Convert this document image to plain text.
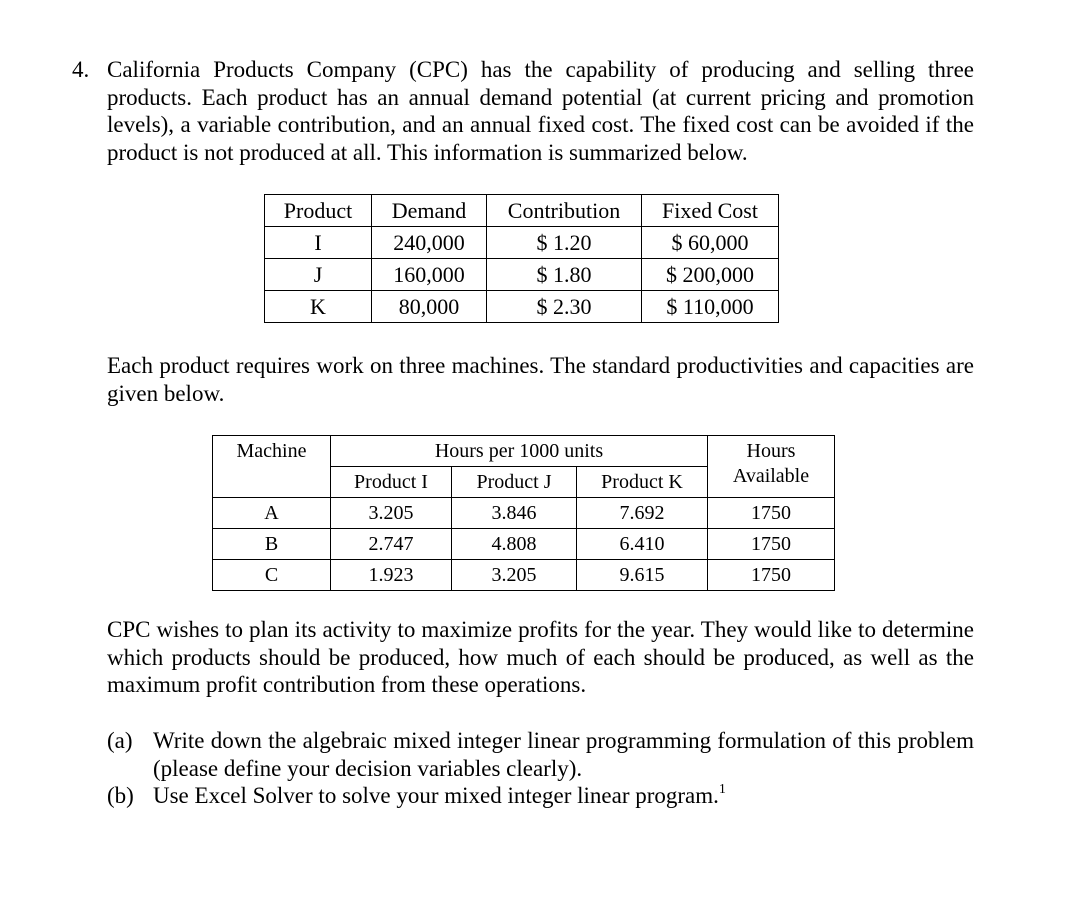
4. California Products Company (CPC) has the capability of producing and selling three products. Each product has an annual demand potential (at current pricing and promotion levels), a variable contribution, and an annual fixed cost. The fixed cost can be avoided if the product is not produced at all. This information is summarized below.
Product	Demand	Contribution	Fixed Cost
I	240,000	$ 1.20	$ 60,000
J	160,000	$ 1.80	$ 200,000
K	80,000	$ 2.30	$ 110,000

Each product requires work on three machines. The standard productivities and capacities are given below.

Machine	Hours per 1000 units			Hours
	Product I	Product J	Product K	Available
A	3.205	3.846	7.692	1750
B	2.747	4.808	6.410	1750
C	1.923	3.205	9.615	1750

CPC wishes to plan its activity to maximize profits for the year. They would like to determine which products should be produced, how much of each should be produced, as well as the maximum profit contribution from these operations.

(a) Write down the algebraic mixed integer linear programming formulation of this problem (please define your decision variables clearly).
(b) Use Excel Solver to solve your mixed integer linear program.$^1$
